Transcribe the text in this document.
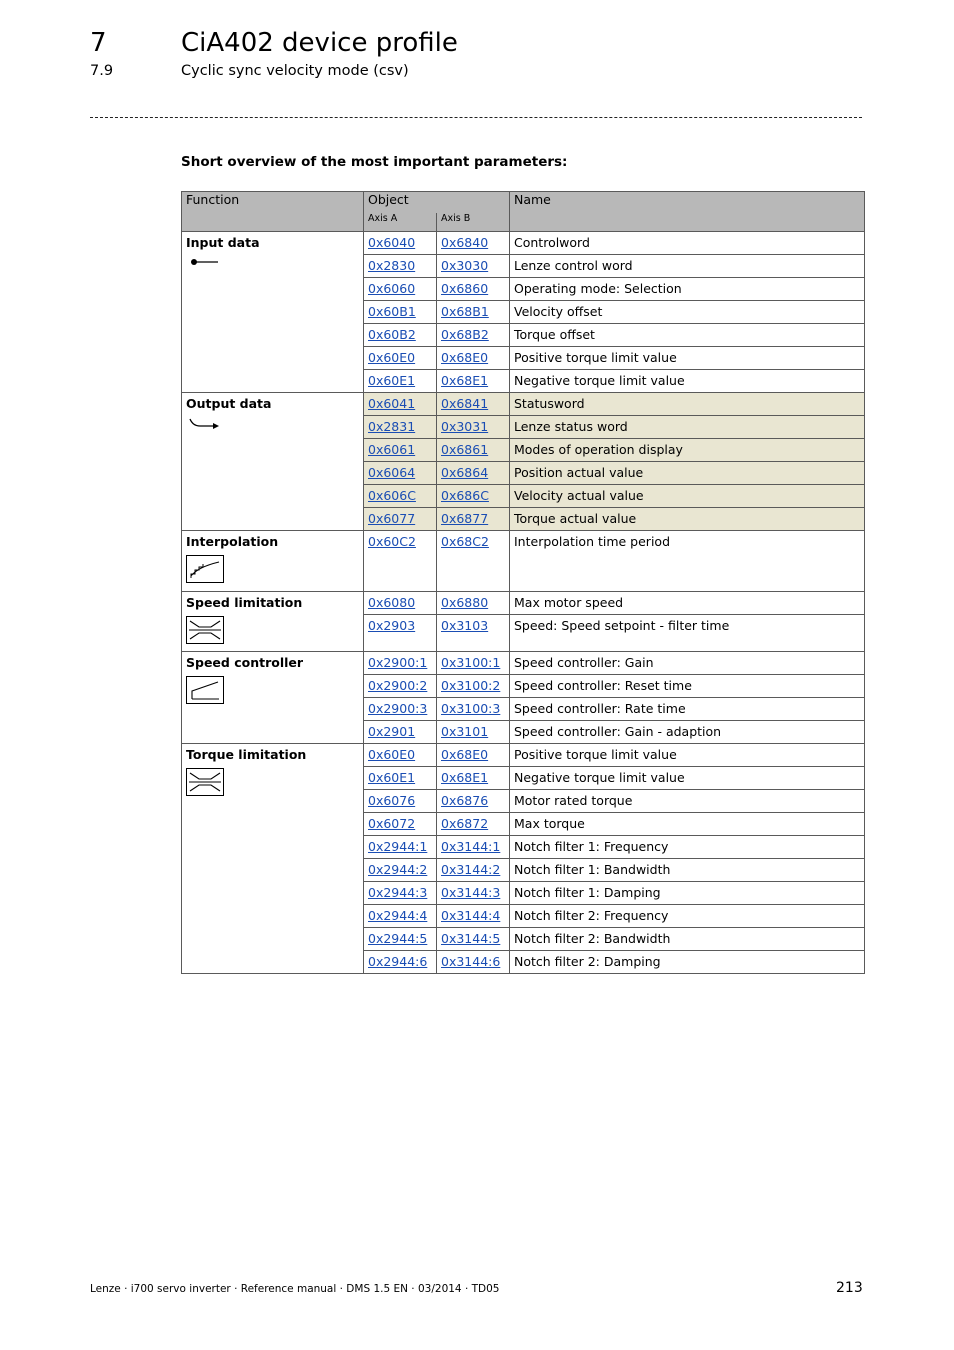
7	CiA402 device profile
7.9	Cyclic sync velocity mode (csv)
Short overview of the most important parameters:
Function	Object		Name
	Axis A	Axis B	

Input data	0x6040	0x6840	Controlword
	0x2830	0x3030	Lenze control word
	0x6060	0x6860	Operating mode: Selection
	0x60B1	0x68B1	Velocity offset
	0x60B2	0x68B2	Torque offset
	0x60E0	0x68E0	Positive torque limit value
	0x60E1	0x68E1	Negative torque limit value

Output data	0x6041	0x6841	Statusword
	0x2831	0x3031	Lenze status word
	0x6061	0x6861	Modes of operation display
	0x6064	0x6864	Position actual value
	0x606C	0x686C	Velocity actual value
	0x6077	0x6877	Torque actual value

Interpolation	0x60C2	0x68C2	Interpolation time period

Speed limitation	0x6080	0x6880	Max motor speed
	0x2903	0x3103	Speed: Speed setpoint - filter time

Speed controller	0x2900:1	0x3100:1	Speed controller: Gain
	0x2900:2	0x3100:2	Speed controller: Reset time
	0x2900:3	0x3100:3	Speed controller: Rate time
	0x2901	0x3101	Speed controller: Gain - adaption

Torque limitation	0x60E0	0x68E0	Positive torque limit value
	0x60E1	0x68E1	Negative torque limit value
	0x6076	0x6876	Motor rated torque
	0x6072	0x6872	Max torque
	0x2944:1	0x3144:1	Notch filter 1: Frequency
	0x2944:2	0x3144:2	Notch filter 1: Bandwidth
	0x2944:3	0x3144:3	Notch filter 1: Damping
	0x2944:4	0x3144:4	Notch filter 2: Frequency
	0x2944:5	0x3144:5	Notch filter 2: Bandwidth
	0x2944:6	0x3144:6	Notch filter 2: Damping
Lenze · i700 servo inverter · Reference manual · DMS 1.5 EN · 03/2014 · TD05	213
